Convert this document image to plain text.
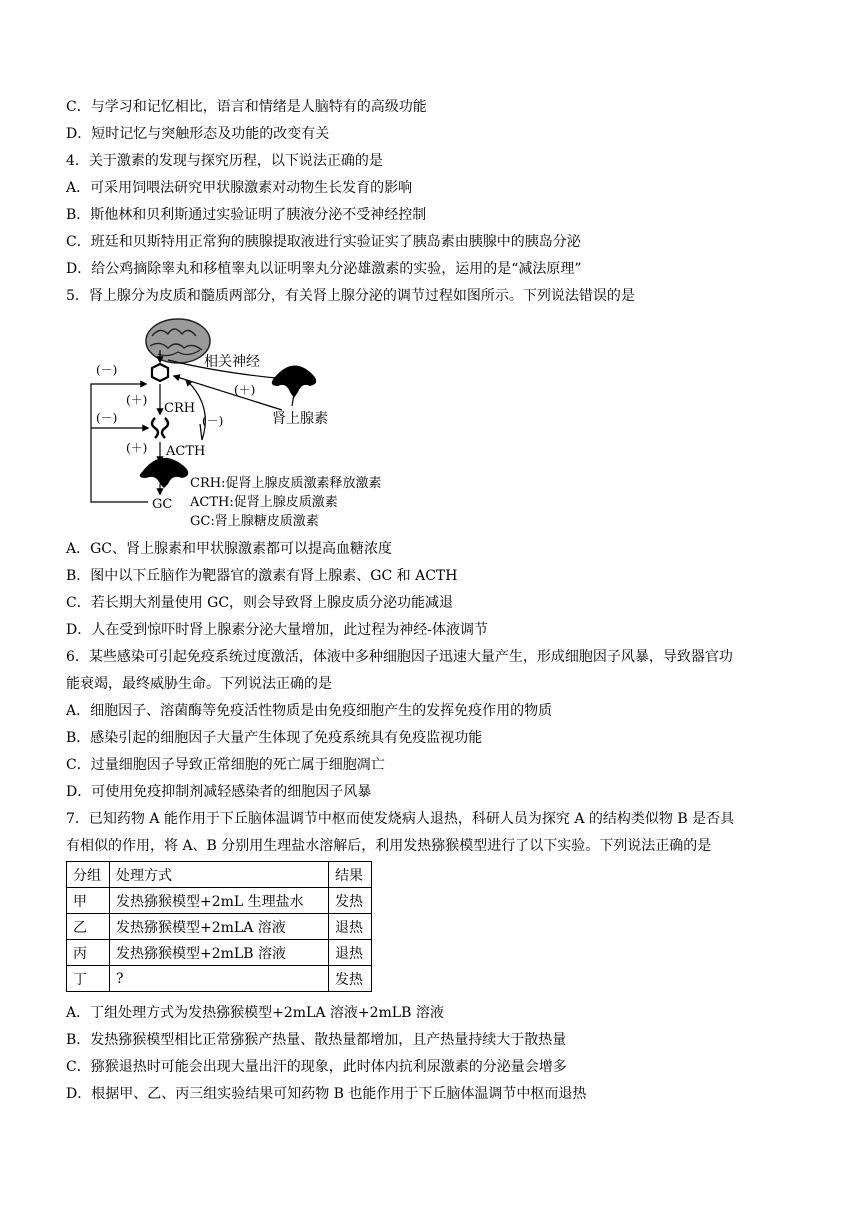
C．与学习和记忆相比，语言和情绪是人脑特有的高级功能
D．短时记忆与突触形态及功能的改变有关
4．关于激素的发现与探究历程，以下说法正确的是
A．可采用饲喂法研究甲状腺激素对动物生长发育的影响
B．斯他林和贝利斯通过实验证明了胰液分泌不受神经控制
C．班廷和贝斯特用正常狗的胰腺提取液进行实验证实了胰岛素由胰腺中的胰岛分泌
D．给公鸡摘除睾丸和移植睾丸以证明睾丸分泌雄激素的实验，运用的是“减法原理”
5．肾上腺分为皮质和髓质两部分，有关肾上腺分泌的调节过程如图所示。下列说法错误的是
相关神经
(＋)
肾上腺素
(＋)
CRH
(＋) ACTH
(－)
GC
(－)
(－)
CRH:促肾上腺皮质激素释放激素
ACTH:促肾上腺皮质激素
GC:肾上腺糖皮质激素
A．GC、肾上腺素和甲状腺激素都可以提高血糖浓度
B．图中以下丘脑作为靶器官的激素有肾上腺素、GC 和 ACTH
C．若长期大剂量使用 GC，则会导致肾上腺皮质分泌功能减退
D．人在受到惊吓时肾上腺素分泌大量增加，此过程为神经-体液调节
6．某些感染可引起免疫系统过度激活，体液中多种细胞因子迅速大量产生，形成细胞因子风暴，导致器官功
能衰竭，最终威胁生命。下列说法正确的是
A．细胞因子、溶菌酶等免疫活性物质是由免疫细胞产生的发挥免疫作用的物质
B．感染引起的细胞因子大量产生体现了免疫系统具有免疫监视功能
C．过量细胞因子导致正常细胞的死亡属于细胞凋亡
D．可使用免疫抑制剂减轻感染者的细胞因子风暴
7．已知药物 A 能作用于下丘脑体温调节中枢而使发烧病人退热，科研人员为探究 A 的结构类似物 B 是否具
有相似的作用，将 A、B 分别用生理盐水溶解后，利用发热猕猴模型进行了以下实验。下列说法正确的是
分组	处理方式	结果
甲	发热猕猴模型+2mL 生理盐水	发热
乙	发热猕猴模型+2mLA 溶液	退热
丙	发热猕猴模型+2mLB 溶液	退热
丁	?	发热
A．丁组处理方式为发热猕猴模型+2mLA 溶液+2mLB 溶液
B．发热猕猴模型相比正常猕猴产热量、散热量都增加，且产热量持续大于散热量
C．猕猴退热时可能会出现大量出汗的现象，此时体内抗利尿激素的分泌量会增多
D．根据甲、乙、丙三组实验结果可知药物 B 也能作用于下丘脑体温调节中枢而退热
